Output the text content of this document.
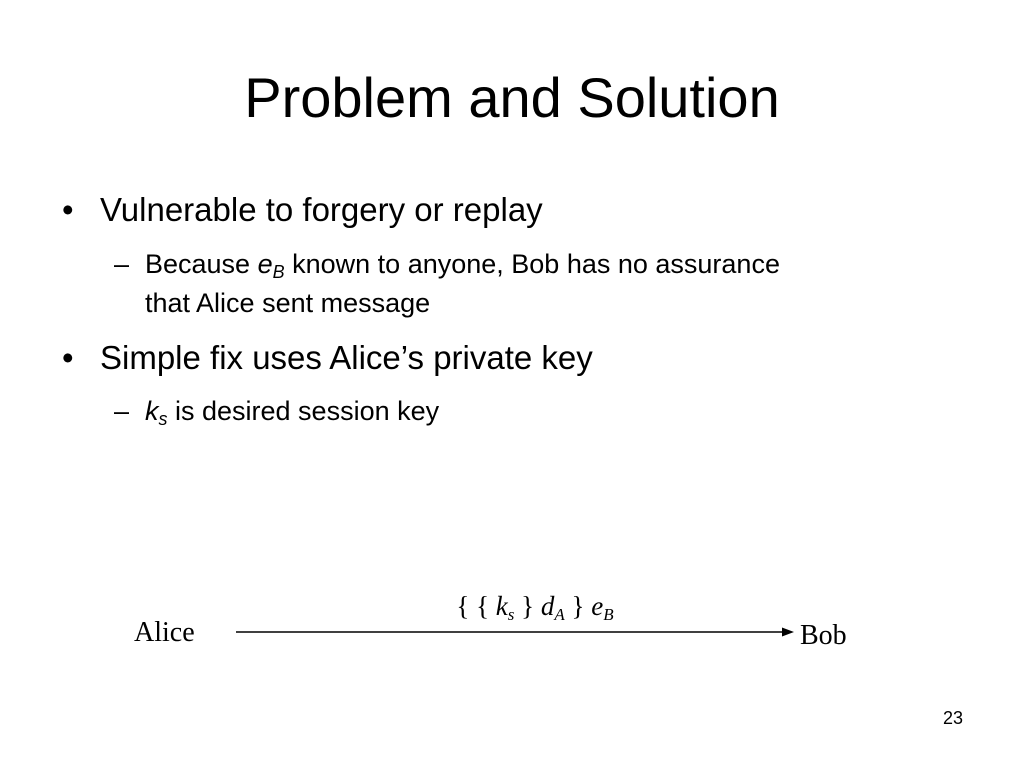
Problem and Solution
• Vulnerable to forgery or replay
– Because $e_B$ known to anyone, Bob has no assurance
that Alice sent message
• Simple fix uses Alice’s private key
– $k_s$ is desired session key
{ { $k_s$ } $d_A$ } $e_B$
Alice	Bob
23
